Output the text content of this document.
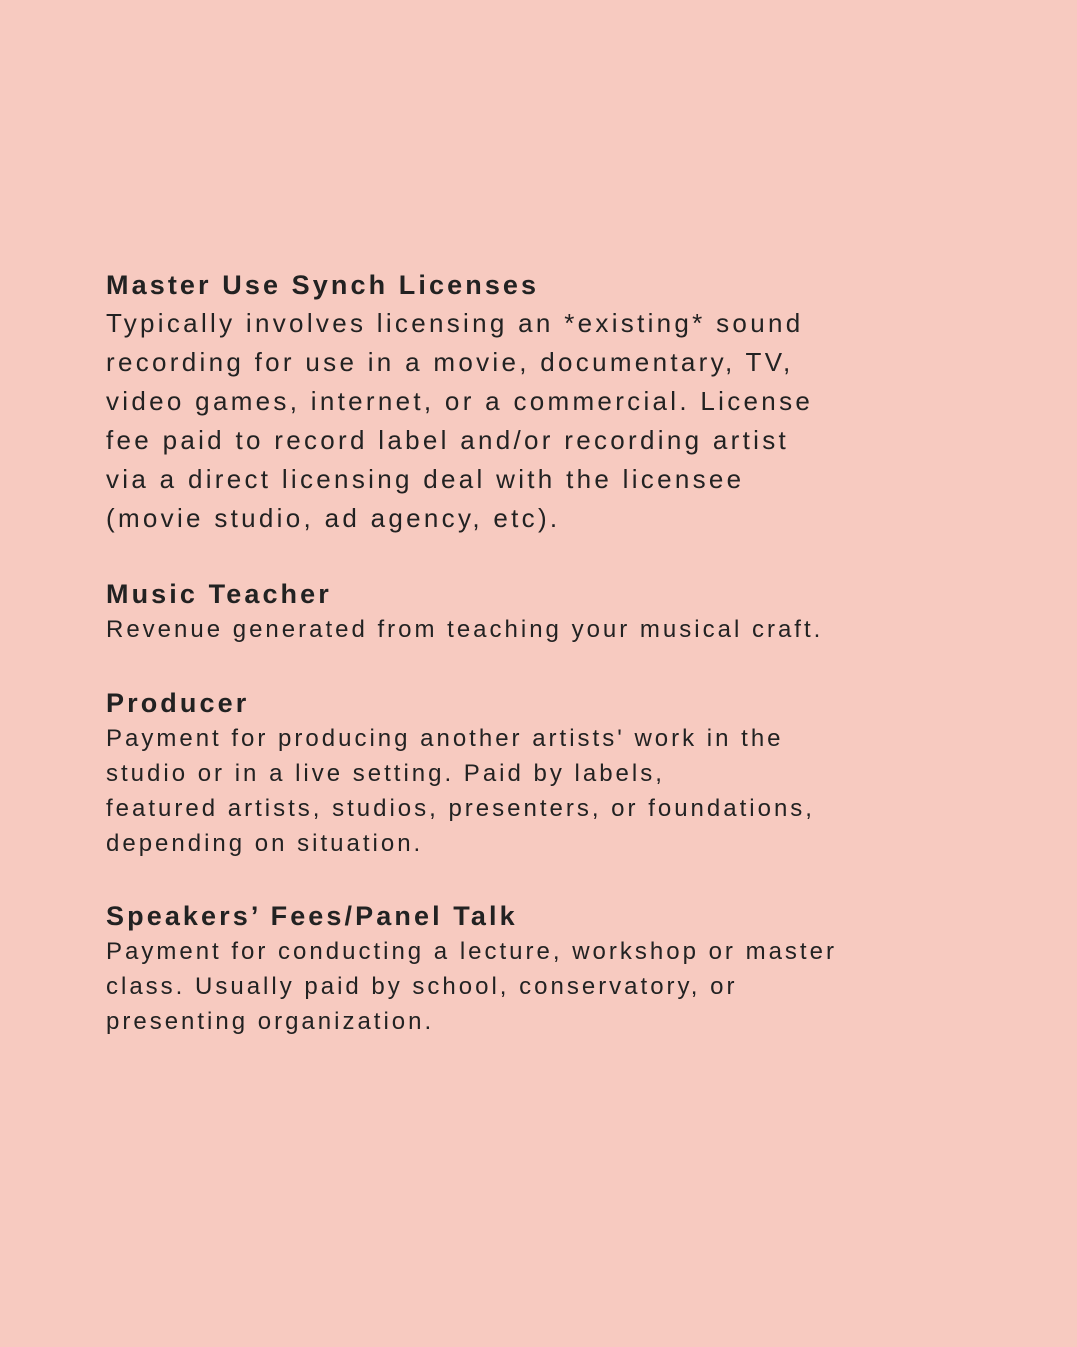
Master Use Synch Licenses

Typically involves licensing an *existing* sound

recording for use in a movie, documentary, TV,

video games, internet, or a commercial. License

fee paid to record label and/or recording artist

via a direct licensing deal with the licensee

(movie studio, ad agency, etc).

Music Teacher

Revenue generated from teaching your musical craft.

Producer

Payment for producing another artists' work in the

studio or in a live setting. Paid by labels,

featured artists, studios, presenters, or foundations,

depending on situation.

Speakers’ Fees/Panel Talk

Payment for conducting a lecture, workshop or master

class. Usually paid by school, conservatory, or

presenting organization.
